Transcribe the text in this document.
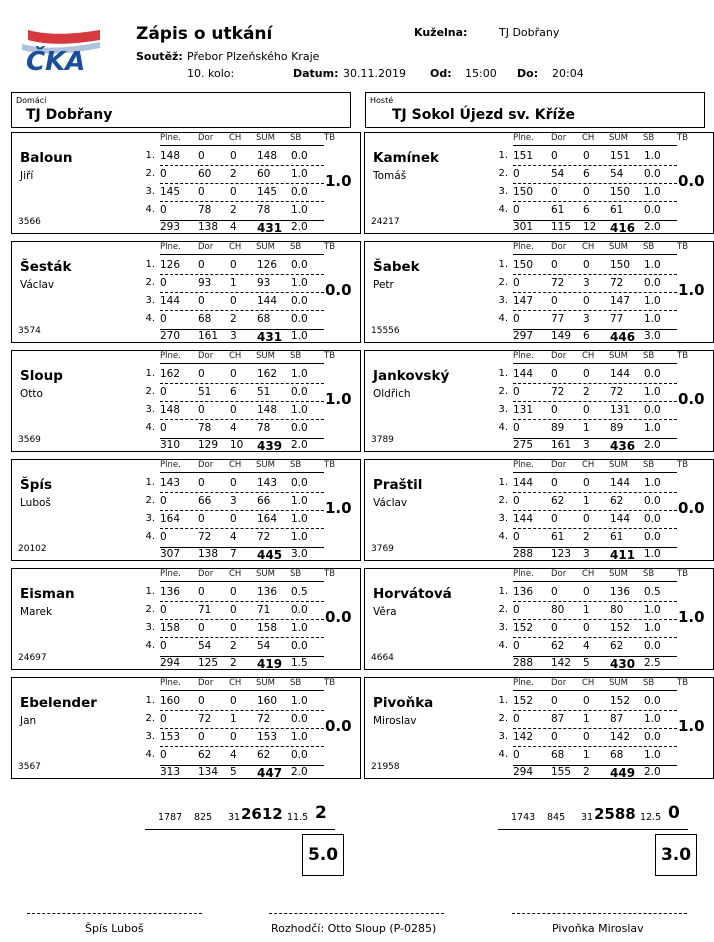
ČKA
Zápis o utkání
Soutěž: Přebor Plzeňského Kraje
10. kolo:	Datum: 30.11.2019 Od: 15:00 Do: 20:04
Kuželna:	TJ Dobřany
Domácí
TJ Dobřany
Hosté
TJ Sokol Újezd sv. Kříže
Plne. Dor CH SUM SB	TB
Baloun
Jiří
3566
1. 148 0 0 148 0.0
2. 0	60 2 60 1.0
3. 145 0 0 145 0.0
4. 0	78 2 78 1.0
293 138 4 431 2.0
1.0
Plne. Dor CH SUM SB	TB
Šesták
Václav
3574
1. 126 0 0 126 0.0
2. 0	93 1 93 1.0
3. 144 0 0 144 0.0
4. 0	68 2 68 0.0
270 161 3 431 1.0
0.0
Plne. Dor CH SUM SB	TB
Sloup
Otto
3569
1. 162 0 0 162 1.0
2. 0	51 6 51 0.0
3. 148 0 0 148 1.0
4. 0	78 4 78 0.0
310 129 10 439 2.0
1.0
Plne. Dor CH SUM SB	TB
Špís
Luboš
20102
1. 143 0 0 143 0.0
2. 0	66 3 66 1.0
3. 164 0 0 164 1.0
4. 0	72 4 72 1.0
307 138 7 445 3.0
1.0
Plne. Dor CH SUM SB	TB
Eisman
Marek
24697
1. 136 0 0 136 0.5
2. 0	71 0 71 0.0
3. 158 0 0 158 1.0
4. 0	54 2 54 0.0
294 125 2 419 1.5
0.0
Plne. Dor CH SUM SB	TB
Ebelender
Jan
3567
1. 160 0 0 160 1.0
2. 0	72 1 72 0.0
3. 153 0 0 153 1.0
4. 0	62 4 62 0.0
313 134 5 447 2.0
0.0
Plne. Dor CH SUM SB	TB
Kamínek
Tomáš
24217
1. 151 0 0 151 1.0
2. 0	54 6 54 0.0
3. 150 0 0 150 1.0
4. 0	61 6 61 0.0
301 115 12 416 2.0
0.0
Plne. Dor CH SUM SB	TB
Šabek
Petr
15556
1. 150 0 0 150 1.0
2. 0	72 3 72 0.0
3. 147 0 0 147 1.0
4. 0	77 3 77 1.0
297 149 6 446 3.0
1.0
Plne. Dor CH SUM SB	TB
Jankovský
Oldřich
3789
1. 144 0 0 144 0.0
2. 0	72 2 72 1.0
3. 131 0 0 131 0.0
4. 0	89 1 89 1.0
275 161 3 436 2.0
0.0
Plne. Dor CH SUM SB	TB
Praštil
Václav
3769
1. 144 0 0 144 1.0
2. 0	62 1 62 0.0
3. 144 0 0 144 0.0
4. 0	61 2 61 0.0
288 123 3 411 1.0
0.0
Plne. Dor CH SUM SB	TB
Horvátová
Věra
4664
1. 136 0 0 136 0.5
2. 0	80 1 80 1.0
3. 152 0 0 152 1.0
4. 0	62 4 62 0.0
288 142 5 430 2.5
1.0
Plne. Dor CH SUM SB	TB
Pivoňka
Miroslav
21958
1. 152 0 0 152 0.0
2. 0	87 1 87 1.0
3. 142 0 0 142 0.0
4. 0	68 1 68 1.0
294 155 2 449 2.0
1.0
1787 825 31 2612 11.5 2	1743 845 31 2588 12.5 0
5.0	3.0
Špís Luboš	Rozhodčí: Otto Sloup (P-0285)	Pivoňka Miroslav
